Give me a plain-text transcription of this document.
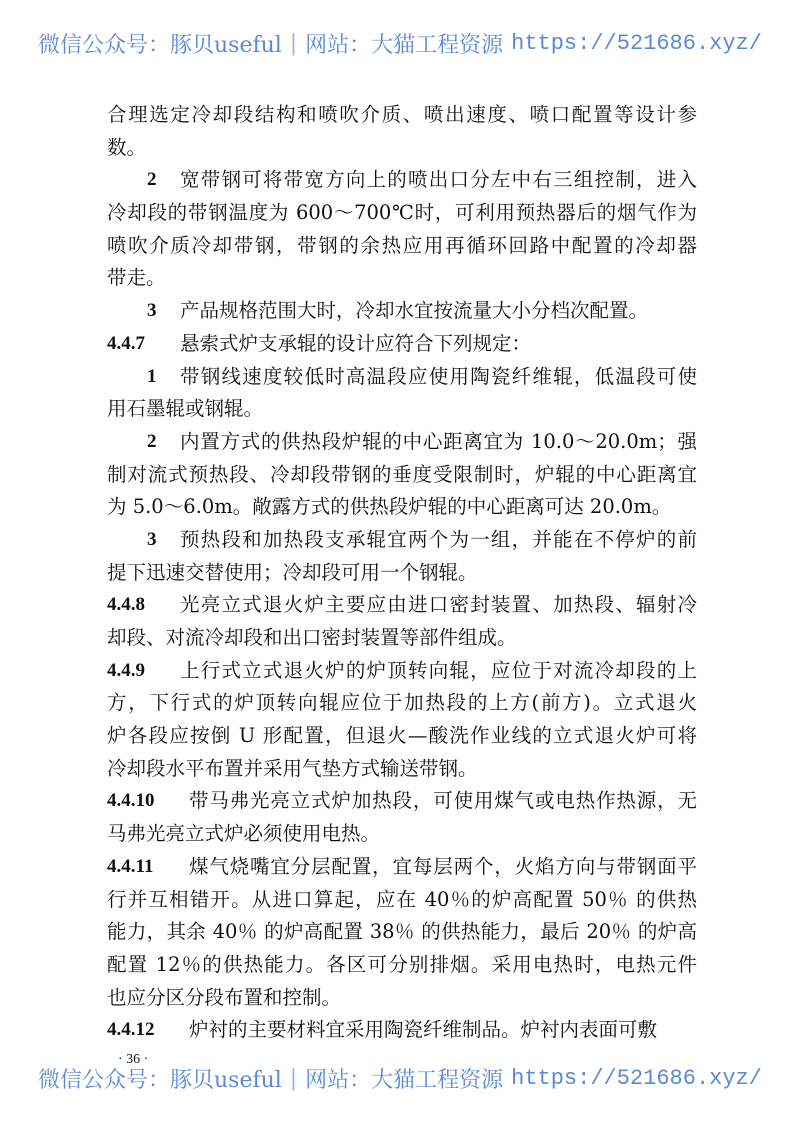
微信公众号：豚贝useful | 网站：大猫工程资源 https://521686.xyz/
合理选定冷却段结构和喷吹介质、喷出速度、喷口配置等设计参
数。
2	宽带钢可将带宽方向上的喷出口分左中右三组控制，进入
冷却段的带钢温度为 600～700℃时，可利用预热器后的烟气作为
喷吹介质冷却带钢，带钢的余热应用再循环回路中配置的冷却器
带走。
3	产品规格范围大时，冷却水宜按流量大小分档次配置。
4.4.7	悬索式炉支承辊的设计应符合下列规定：
1	带钢线速度较低时高温段应使用陶瓷纤维辊，低温段可使
用石墨辊或钢辊。
2	内置方式的供热段炉辊的中心距离宜为 10.0～20.0m；强
制对流式预热段、冷却段带钢的垂度受限制时，炉辊的中心距离宜
为 5.0～6.0m。敞露方式的供热段炉辊的中心距离可达 20.0m。
3	预热段和加热段支承辊宜两个为一组，并能在不停炉的前
提下迅速交替使用；冷却段可用一个钢辊。
4.4.8	光亮立式退火炉主要应由进口密封装置、加热段、辐射冷
却段、对流冷却段和出口密封装置等部件组成。
4.4.9	上行式立式退火炉的炉顶转向辊，应位于对流冷却段的上
方，下行式的炉顶转向辊应位于加热段的上方(前方)。立式退火
炉各段应按倒 U 形配置，但退火—酸洗作业线的立式退火炉可将
冷却段水平布置并采用气垫方式输送带钢。
4.4.10	带马弗光亮立式炉加热段，可使用煤气或电热作热源，无
马弗光亮立式炉必须使用电热。
4.4.11	煤气烧嘴宜分层配置，宜每层两个，火焰方向与带钢面平
行并互相错开。从进口算起，应在 40％的炉高配置 50％ 的供热
能力，其余 40％ 的炉高配置 38％ 的供热能力，最后 20％ 的炉高
配置 12％的供热能力。各区可分别排烟。采用电热时，电热元件
也应分区分段布置和控制。
4.4.12	炉衬的主要材料宜采用陶瓷纤维制品。炉衬内表面可敷
· 36 ·
微信公众号：豚贝useful | 网站：大猫工程资源 https://521686.xyz/
